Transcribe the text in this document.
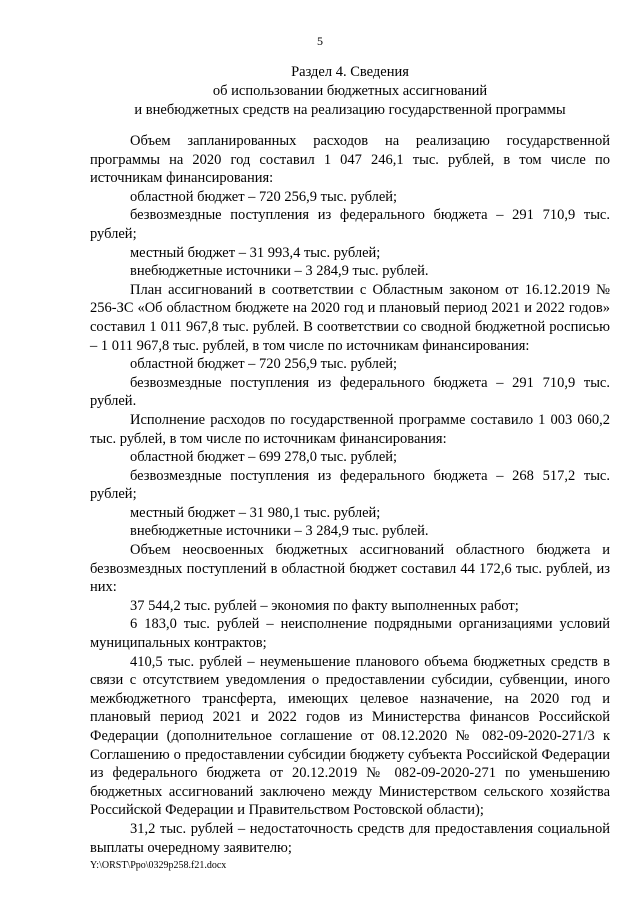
5
Раздел 4. Сведения
об использовании бюджетных ассигнований
и внебюджетных средств на реализацию государственной программы

Объем запланированных расходов на реализацию государственной программы на 2020 год составил 1 047 246,1 тыс. рублей, в том числе по источникам финансирования:

областной бюджет – 720 256,9 тыс. рублей;

безвозмездные поступления из федерального бюджета – 291 710,9 тыс. рублей;

местный бюджет – 31 993,4 тыс. рублей;

внебюджетные источники – 3 284,9 тыс. рублей.

План ассигнований в соответствии с Областным законом от 16.12.2019 № 256-ЗС «Об областном бюджете на 2020 год и плановый период 2021 и 2022 годов» составил 1 011 967,8 тыс. рублей. В соответствии со сводной бюджетной росписью – 1 011 967,8 тыс. рублей, в том числе по источникам финансирования:

областной бюджет – 720 256,9 тыс. рублей;

безвозмездные поступления из федерального бюджета – 291 710,9 тыс. рублей.

Исполнение расходов по государственной программе составило 1 003 060,2 тыс. рублей, в том числе по источникам финансирования:

областной бюджет – 699 278,0 тыс. рублей;

безвозмездные поступления из федерального бюджета – 268 517,2 тыс. рублей;

местный бюджет – 31 980,1 тыс. рублей;

внебюджетные источники – 3 284,9 тыс. рублей.

Объем неосвоенных бюджетных ассигнований областного бюджета и безвозмездных поступлений в областной бюджет составил 44 172,6 тыс. рублей, из них:

37 544,2 тыс. рублей – экономия по факту выполненных работ;

6 183,0 тыс. рублей – неисполнение подрядными организациями условий муниципальных контрактов;

410,5 тыс. рублей – неуменьшение планового объема бюджетных средств в связи с отсутствием уведомления о предоставлении субсидии, субвенции, иного межбюджетного трансферта, имеющих целевое назначение, на 2020 год и плановый период 2021 и 2022 годов из Министерства финансов Российской Федерации (дополнительное соглашение от 08.12.2020 № 082-09-2020-271/3 к Соглашению о предоставлении субсидии бюджету субъекта Российской Федерации из федерального бюджета от 20.12.2019 № 082-09-2020-271 по уменьшению бюджетных ассигнований заключено между Министерством сельского хозяйства Российской Федерации и Правительством Ростовской области);

31,2 тыс. рублей – недостаточность средств для предоставления социальной выплаты очередному заявителю;

Y:\ORST\Ppo\0329p258.f21.docx
